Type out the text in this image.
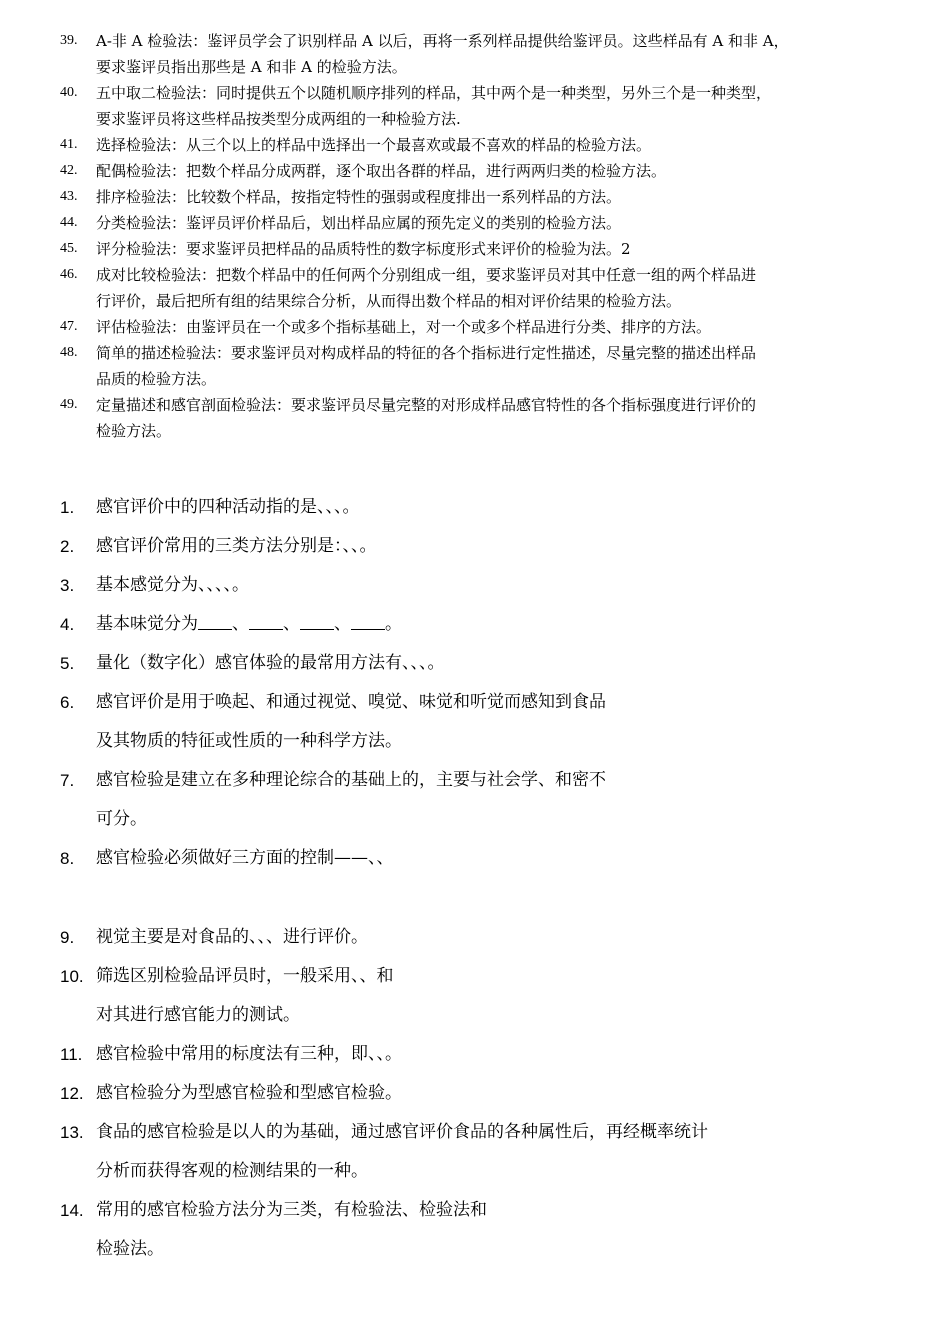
39.	A-非 A 检验法：鉴评员学会了识别样品 A 以后，再将一系列样品提供给鉴评员。这些样品有 A 和非 A，
要求鉴评员指出那些是 A 和非 A 的检验方法。
40.	五中取二检验法：同时提供五个以随机顺序排列的样品，其中两个是一种类型，另外三个是一种类型，
要求鉴评员将这些样品按类型分成两组的一种检验方法.
41.	选择检验法：从三个以上的样品中选择出一个最喜欢或最不喜欢的样品的检验方法。
42.	配偶检验法：把数个样品分成两群，逐个取出各群的样品，进行两两归类的检验方法。
43.	排序检验法：比较数个样品，按指定特性的强弱或程度排出一系列样品的方法。
44.	分类检验法：鉴评员评价样品后，划出样品应属的预先定义的类别的检验方法。
45.	评分检验法：要求鉴评员把样品的品质特性的数字标度形式来评价的检验为法。2
46.	成对比较检验法：把数个样品中的任何两个分别组成一组，要求鉴评员对其中任意一组的两个样品进
行评价，最后把所有组的结果综合分析，从而得出数个样品的相对评价结果的检验方法。
47.	评估检验法：由鉴评员在一个或多个指标基础上，对一个或多个样品进行分类、排序的方法。
48.	简单的描述检验法：要求鉴评员对构成样品的特征的各个指标进行定性描述，尽量完整的描述出样品
品质的检验方法。
49.	定量描述和感官剖面检验法：要求鉴评员尽量完整的对形成样品感官特性的各个指标强度进行评价的
检验方法。
1.	感官评价中的四种活动指的是、、、。
2.	感官评价常用的三类方法分别是：、、。
3.	基本感觉分为、、、、。
4.	基本味觉分为 、 、 、 。
5.	量化（数字化）感官体验的最常用方法有、、、。
6.	感官评价是用于唤起、和通过视觉、嗅觉、味觉和听觉而感知到食品
及其物质的特征或性质的一种科学方法。
7.	感官检验是建立在多种理论综合的基础上的，主要与社会学、和密不
可分。
8.	感官检验必须做好三方面的控制——、、
9.	视觉主要是对食品的、、、进行评价。
10. 筛选区别检验品评员时，一般采用、、和
对其进行感官能力的测试。
11. 感官检验中常用的标度法有三种，即、、。
12. 感官检验分为型感官检验和型感官检验。
13. 食品的感官检验是以人的为基础，通过感官评价食品的各种属性后，再经概率统计
分析而获得客观的检测结果的一种。
14. 常用的感官检验方法分为三类，有检验法、检验法和
检验法。
